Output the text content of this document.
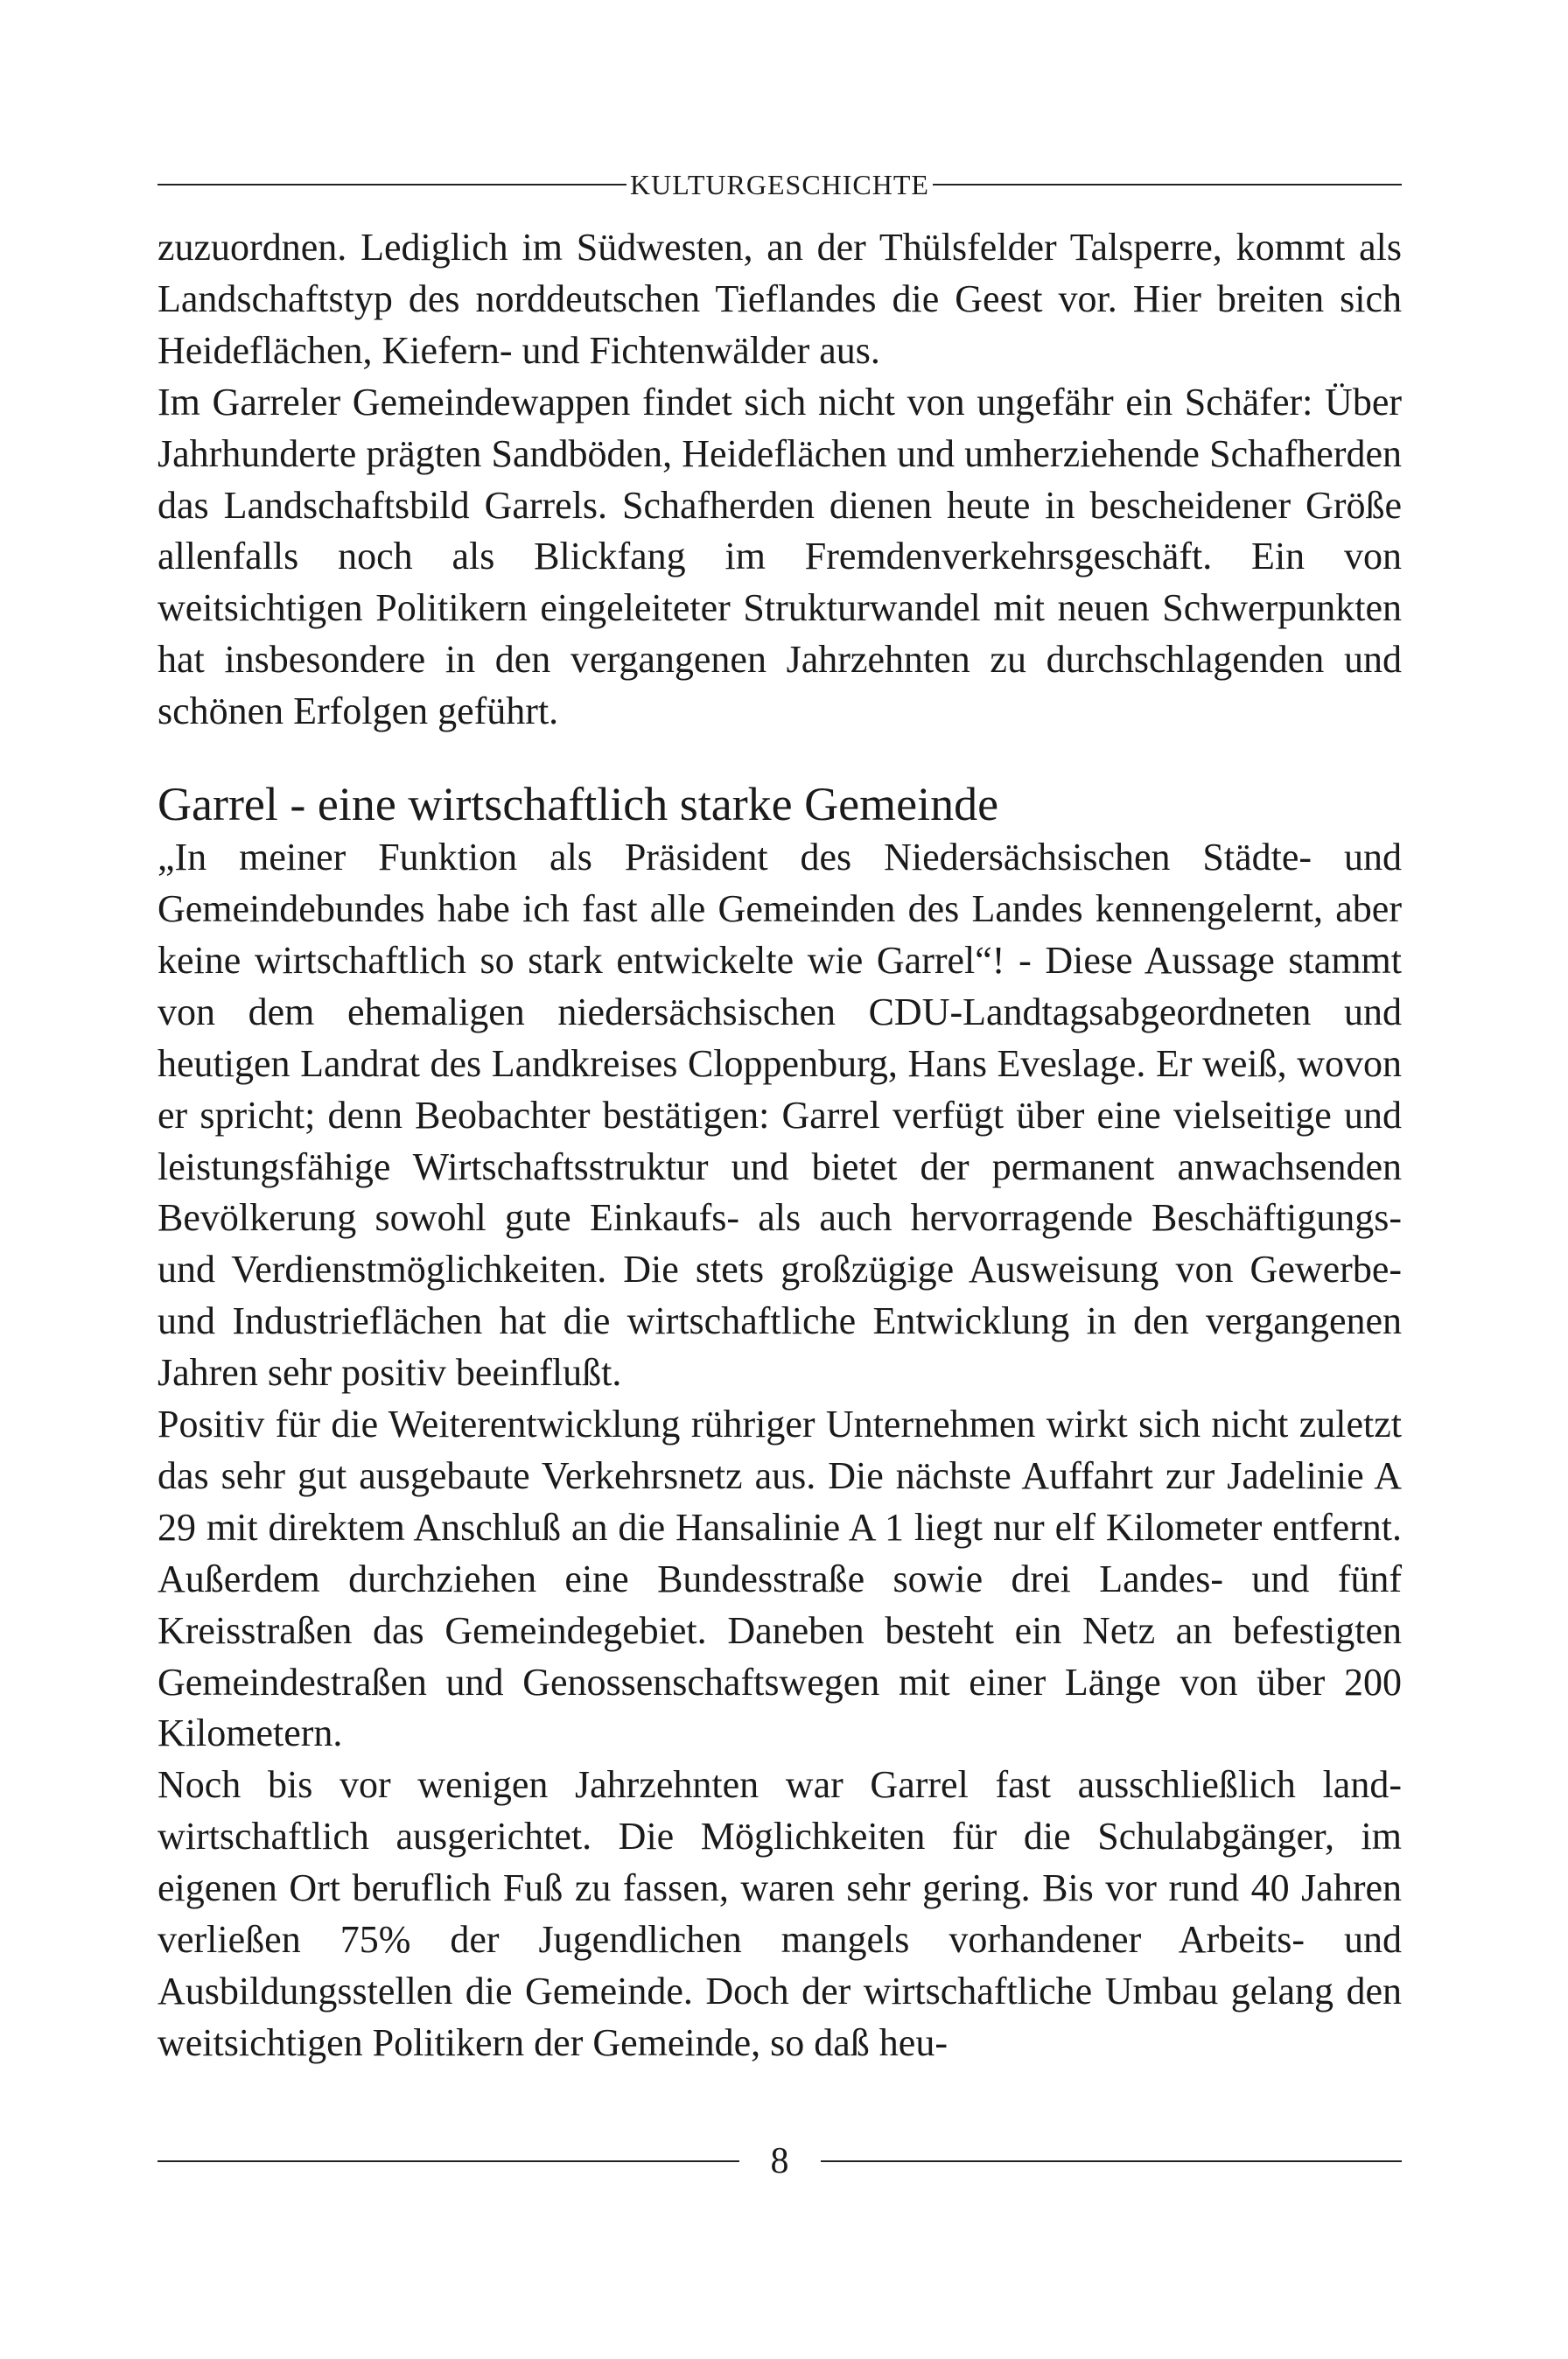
KULTURGESCHICHTE

zuzuordnen. Lediglich im Südwesten, an der Thülsfelder Talsperre, kommt als Landschaftstyp des norddeutschen Tieflandes die Geest vor. Hier breiten sich Heideflächen, Kiefern- und Fichtenwälder aus.

Im Garreler Gemeindewappen findet sich nicht von ungefähr ein Schäfer: Über Jahrhunderte prägten Sandböden, Heideflächen und umherziehende Schafherden das Landschaftsbild Garrels. Schafherden dienen heute in bescheidener Größe allenfalls noch als Blickfang im Fremdenverkehrsgeschäft. Ein von weitsichtigen Politikern eingeleiteter Strukturwandel mit neuen Schwerpunkten hat insbesondere in den vergangenen Jahrzehnten zu durchschlagenden und schönen Erfolgen geführt.

Garrel - eine wirtschaftlich starke Gemeinde

„In meiner Funktion als Präsident des Niedersächsischen Städte- und Gemeindebundes habe ich fast alle Gemeinden des Landes kennengelernt, aber keine wirtschaftlich so stark entwickelte wie Garrel“! - Diese Aussage stammt von dem ehemaligen niedersächsischen CDU-Landtagsabgeordneten und heutigen Landrat des Landkreises Cloppenburg, Hans Eveslage. Er weiß, wovon er spricht; denn Beobachter bestätigen: Garrel verfügt über eine vielseitige und leistungsfähige Wirtschaftsstruktur und bietet der permanent anwachsenden Bevölkerung sowohl gute Einkaufs- als auch hervorragende Beschäftigungs- und Verdienstmöglichkeiten. Die stets großzügige Ausweisung von Gewerbe- und Industrieflächen hat die wirtschaftliche Entwicklung in den vergangenen Jahren sehr positiv beeinflußt.

Positiv für die Weiterentwicklung rühriger Unternehmen wirkt sich nicht zuletzt das sehr gut ausgebaute Verkehrsnetz aus. Die nächste Auffahrt zur Jadelinie A 29 mit direktem Anschluß an die Hansalinie A 1 liegt nur elf Kilometer entfernt. Außerdem durchziehen eine Bundesstraße sowie drei Landes- und fünf Kreisstraßen das Gemeindegebiet. Daneben besteht ein Netz an befestigten Gemeindestraßen und Genossenschaftswegen mit einer Länge von über 200 Kilometern.

Noch bis vor wenigen Jahrzehnten war Garrel fast ausschließlich landwirtschaftlich ausgerichtet. Die Möglichkeiten für die Schulabgänger, im eigenen Ort beruflich Fuß zu fassen, waren sehr gering. Bis vor rund 40 Jahren verließen 75% der Jugendlichen mangels vorhandener Arbeits- und Ausbildungsstellen die Gemeinde. Doch der wirtschaftliche Umbau gelang den weitsichtigen Politikern der Gemeinde, so daß heu-

8
